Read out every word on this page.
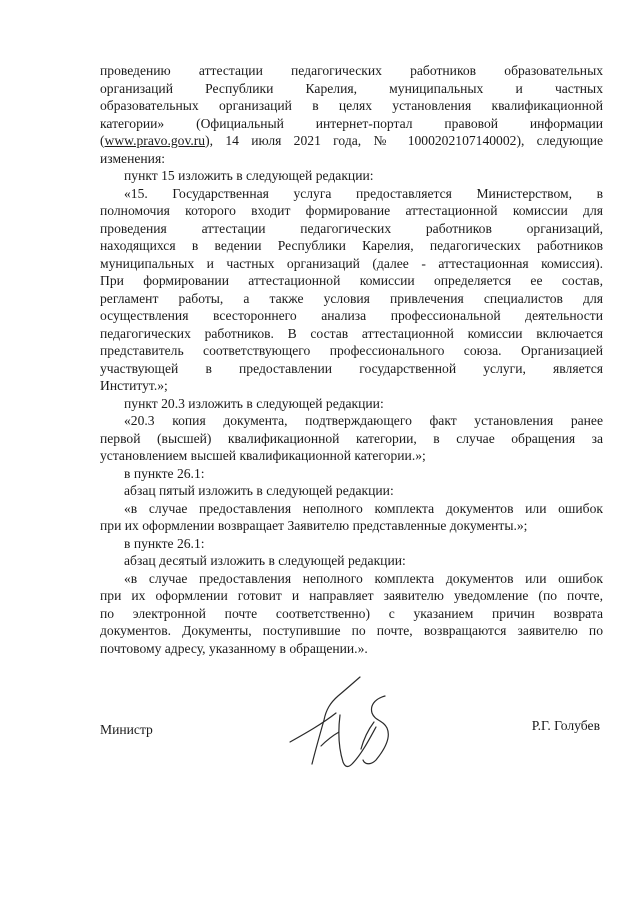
проведению аттестации педагогических работников образовательных
организаций Республики Карелия, муниципальных и частных
образовательных организаций в целях установления квалификационной
категории» (Официальный интернет-портал правовой информации
(www.pravo.gov.ru), 14 июля 2021 года, № 1000202107140002), следующие
изменения:
пункт 15 изложить в следующей редакции:
«15. Государственная услуга предоставляется Министерством, в
полномочия которого входит формирование аттестационной комиссии для
проведения аттестации педагогических работников организаций,
находящихся в ведении Республики Карелия, педагогических работников
муниципальных и частных организаций (далее - аттестационная комиссия).
При формировании аттестационной комиссии определяется ее состав,
регламент работы, а также условия привлечения специалистов для
осуществления всестороннего анализа профессиональной деятельности
педагогических работников. В состав аттестационной комиссии включается
представитель соответствующего профессионального союза. Организацией
участвующей в предоставлении государственной услуги, является
Институт.»;
пункт 20.3 изложить в следующей редакции:
«20.3 копия документа, подтверждающего факт установления ранее
первой (высшей) квалификационной категории, в случае обращения за
установлением высшей квалификационной категории.»;
в пункте 26.1:
абзац пятый изложить в следующей редакции:
«в случае предоставления неполного комплекта документов или ошибок
при их оформлении возвращает Заявителю представленные документы.»;
в пункте 26.1:
абзац десятый изложить в следующей редакции:
«в случае предоставления неполного комплекта документов или ошибок
при их оформлении готовит и направляет заявителю уведомление (по почте,
по электронной почте соответственно) с указанием причин возврата
документов. Документы, поступившие по почте, возвращаются заявителю по
почтовому адресу, указанному в обращении.».
Министр	Р.Г. Голубев
